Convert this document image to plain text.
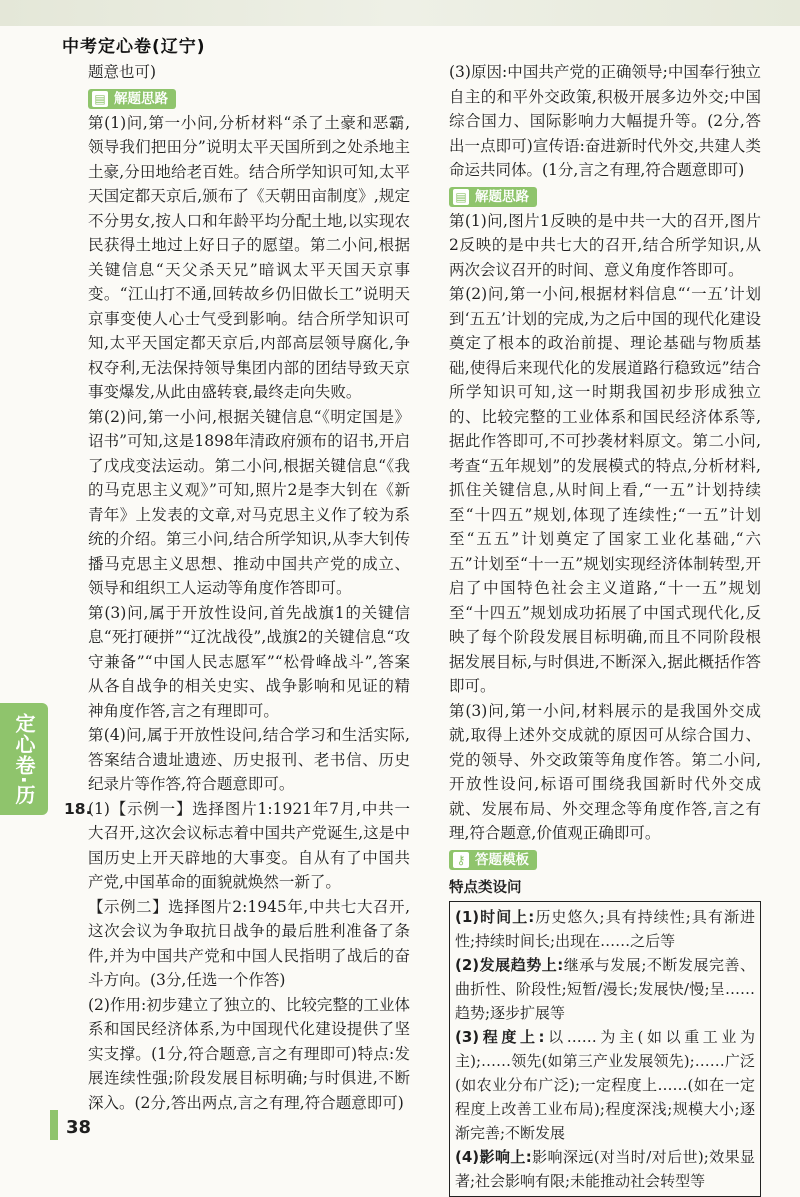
中考定心卷(辽宁)

题意也可)

▤ 解题思路

第(1)问,第一小问,分析材料“杀了土豪和恶霸,领导我们把田分”说明太平天国所到之处杀地主土豪,分田地给老百姓。结合所学知识可知,太平天国定都天京后,颁布了《天朝田亩制度》,规定不分男女,按人口和年龄平均分配土地,以实现农民获得土地过上好日子的愿望。第二小问,根据关键信息“天父杀天兄”暗讽太平天国天京事变。“江山打不通,回转故乡仍旧做长工”说明天京事变使人心士气受到影响。结合所学知识可知,太平天国定都天京后,内部高层领导腐化,争权夺利,无法保持领导集团内部的团结导致天京事变爆发,从此由盛转衰,最终走向失败。

第(2)问,第一小问,根据关键信息“《明定国是》诏书”可知,这是1898年清政府颁布的诏书,开启了戊戌变法运动。第二小问,根据关键信息“《我的马克思主义观》”可知,照片2是李大钊在《新青年》上发表的文章,对马克思主义作了较为系统的介绍。第三小问,结合所学知识,从李大钊传播马克思主义思想、推动中国共产党的成立、领导和组织工人运动等角度作答即可。

第(3)问,属于开放性设问,首先战旗1的关键信息“死打硬拼”“辽沈战役”,战旗2的关键信息“攻守兼备”“中国人民志愿军”“松骨峰战斗”,答案从各自战争的相关史实、战争影响和见证的精神角度作答,言之有理即可。

第(4)问,属于开放性设问,结合学习和生活实际,答案结合遗址遗迹、历史报刊、老书信、历史纪录片等作答,符合题意即可。

18.

(1)【示例一】选择图片1:1921年7月,中共一大召开,这次会议标志着中国共产党诞生,这是中国历史上开天辟地的大事变。自从有了中国共产党,中国革命的面貌就焕然一新了。

【示例二】选择图片2:1945年,中共七大召开,这次会议为争取抗日战争的最后胜利准备了条件,并为中国共产党和中国人民指明了战后的奋斗方向。(3分,任选一个作答)

(2)作用:初步建立了独立的、比较完整的工业体系和国民经济体系,为中国现代化建设提供了坚实支撑。(1分,符合题意,言之有理即可)特点:发展连续性强;阶段发展目标明确;与时俱进,不断深入。(2分,答出两点,言之有理,符合题意即可)

(3)原因:中国共产党的正确领导;中国奉行独立自主的和平外交政策,积极开展多边外交;中国综合国力、国际影响力大幅提升等。(2分,答出一点即可)宣传语:奋进新时代外交,共建人类命运共同体。(1分,言之有理,符合题意即可)

▤ 解题思路

第(1)问,图片1反映的是中共一大的召开,图片2反映的是中共七大的召开,结合所学知识,从两次会议召开的时间、意义角度作答即可。

第(2)问,第一小问,根据材料信息“‘一五’计划到‘五五’计划的完成,为之后中国的现代化建设奠定了根本的政治前提、理论基础与物质基础,使得后来现代化的发展道路行稳致远”结合所学知识可知,这一时期我国初步形成独立的、比较完整的工业体系和国民经济体系等,据此作答即可,不可抄袭材料原文。第二小问,考查“五年规划”的发展模式的特点,分析材料,抓住关键信息,从时间上看,“一五”计划持续至“十四五”规划,体现了连续性;“一五”计划至“五五”计划奠定了国家工业化基础,“六五”计划至“十一五”规划实现经济体制转型,开启了中国特色社会主义道路,“十一五”规划至“十四五”规划成功拓展了中国式现代化,反映了每个阶段发展目标明确,而且不同阶段根据发展目标,与时俱进,不断深入,据此概括作答即可。

第(3)问,第一小问,材料展示的是我国外交成就,取得上述外交成就的原因可从综合国力、党的领导、外交政策等角度作答。第二小问,开放性设问,标语可围绕我国新时代外交成就、发展布局、外交理念等角度作答,言之有理,符合题意,价值观正确即可。

⚷ 答题模板
特点类设问

(1)时间上:历史悠久;具有持续性;具有渐进性;持续时间长;出现在……之后等

(2)发展趋势上:继承与发展;不断发展完善、曲折性、阶段性;短暂/漫长;发展快/慢;呈……趋势;逐步扩展等

(3)程度上:以……为主(如以重工业为主);……领先(如第三产业发展领先);……广泛(如农业分布广泛);一定程度上……(如在一定程度上改善工业布局);程度深浅;规模大小;逐渐完善;不断发展

(4)影响上:影响深远(对当时/对后世);效果显著;社会影响有限;未能推动社会转型等

定心卷·历
38
